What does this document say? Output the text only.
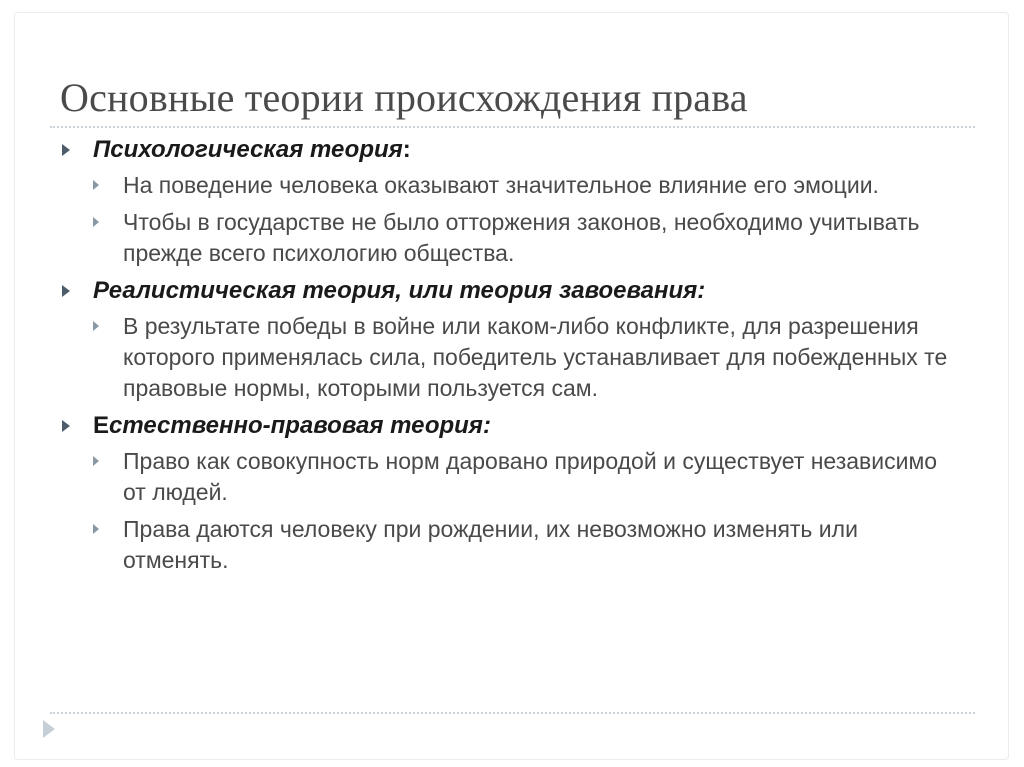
Основные теории происхождения права
Психологическая теория:
На поведение человека оказывают значительное влияние его эмоции.
Чтобы в государстве не было отторжения законов, необходимо учитывать прежде всего психологию общества.
Реалистическая теория, или теория завоевания:
В результате победы в войне или каком-либо конфликте, для разрешения которого применялась сила, победитель устанавливает для побежденных те правовые нормы, которыми пользуется сам.
Естественно-правовая теория:
Право как совокупность норм даровано природой и существует независимо от людей.
Права даются человеку при рождении, их невозможно изменять или отменять.
